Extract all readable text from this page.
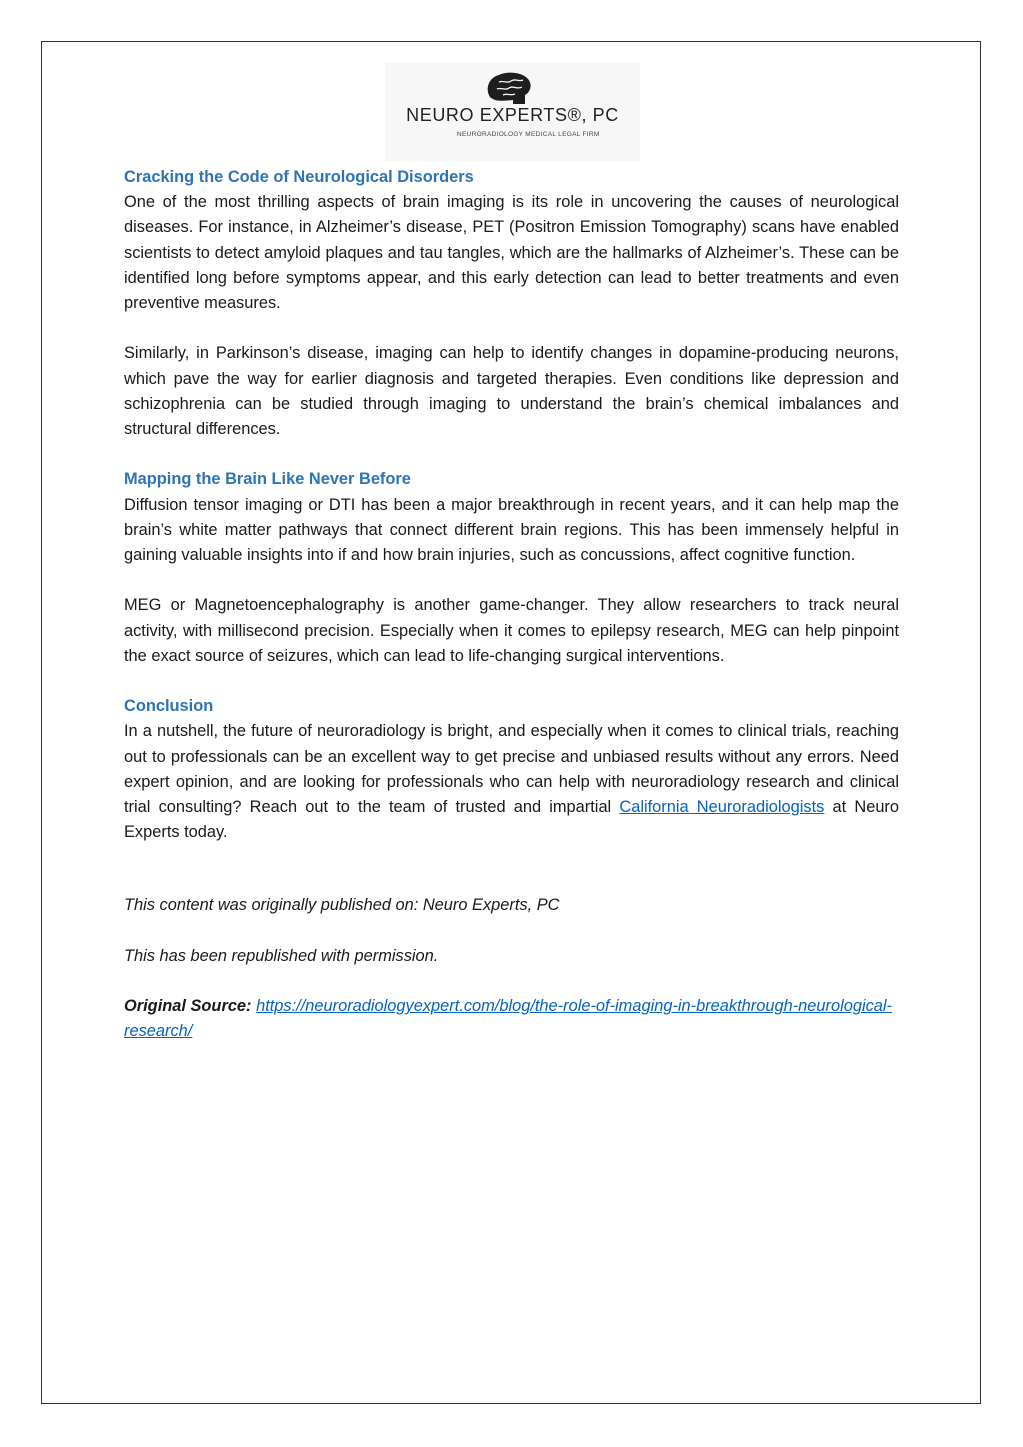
NEURO EXPERTS®, PC
NEURORADIOLOGY MEDICAL LEGAL FIRM

Cracking the Code of Neurological Disorders

One of the most thrilling aspects of brain imaging is its role in uncovering the causes of neurological diseases. For instance, in Alzheimer’s disease, PET (Positron Emission Tomography) scans have enabled scientists to detect amyloid plaques and tau tangles, which are the hallmarks of Alzheimer’s. These can be identified long before symptoms appear, and this early detection can lead to better treatments and even preventive measures.

Similarly, in Parkinson’s disease, imaging can help to identify changes in dopamine-producing neurons, which pave the way for earlier diagnosis and targeted therapies. Even conditions like depression and schizophrenia can be studied through imaging to understand the brain’s chemical imbalances and structural differences.

Mapping the Brain Like Never Before

Diffusion tensor imaging or DTI has been a major breakthrough in recent years, and it can help map the brain’s white matter pathways that connect different brain regions. This has been immensely helpful in gaining valuable insights into if and how brain injuries, such as concussions, affect cognitive function.

MEG or Magnetoencephalography is another game-changer. They allow researchers to track neural activity, with millisecond precision. Especially when it comes to epilepsy research, MEG can help pinpoint the exact source of seizures, which can lead to life-changing surgical interventions.

Conclusion

In a nutshell, the future of neuroradiology is bright, and especially when it comes to clinical trials, reaching out to professionals can be an excellent way to get precise and unbiased results without any errors. Need expert opinion, and are looking for professionals who can help with neuroradiology research and clinical trial consulting? Reach out to the team of trusted and impartial California Neuroradiologists at Neuro Experts today.

This content was originally published on: Neuro Experts, PC

This has been republished with permission.

Original Source: https://neuroradiologyexpert.com/blog/the-role-of-imaging-in-breakthrough-neurological-research/
